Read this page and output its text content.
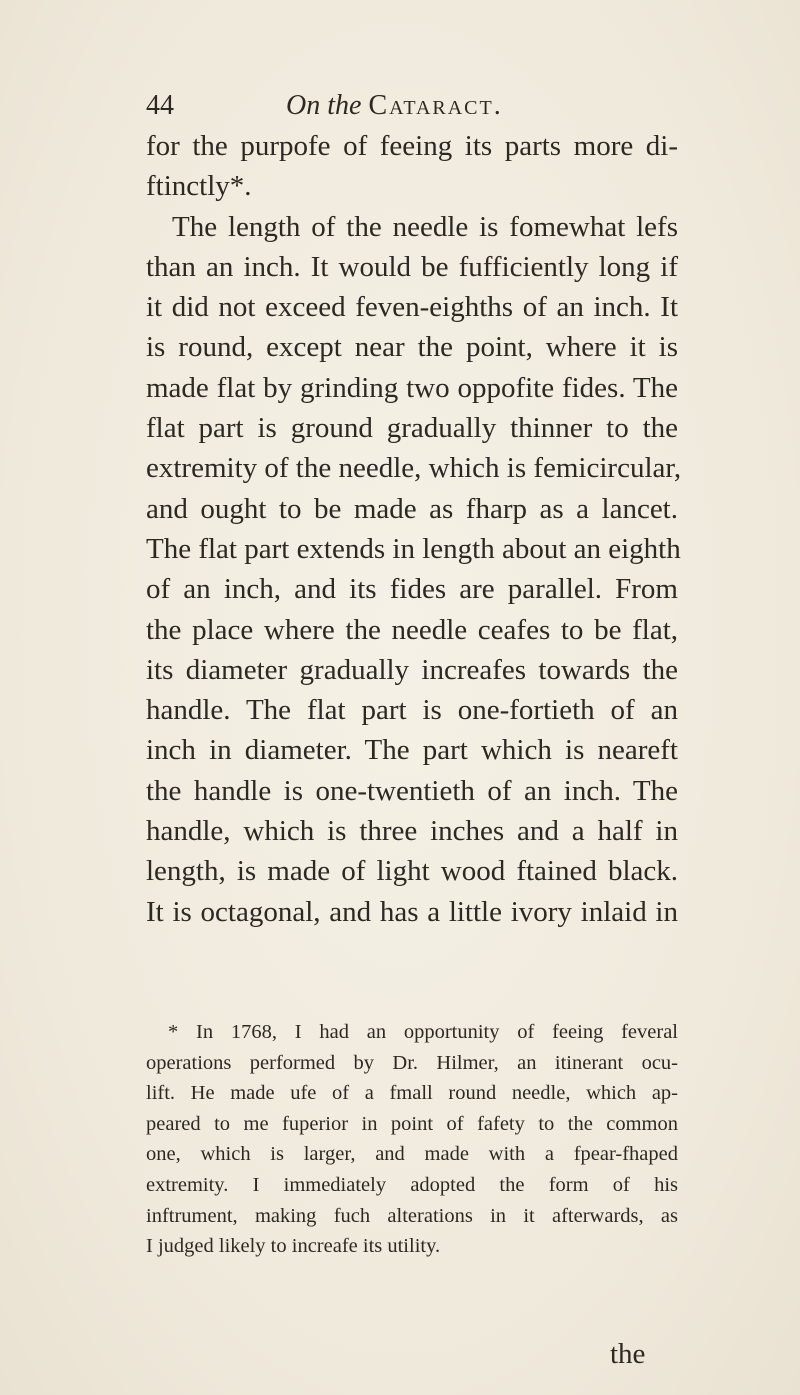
44	On the Cataract.
for the purpofe of feeing its parts more di-
ftinctly*.
The length of the needle is fomewhat lefs
than an inch. It would be fufficiently long if
it did not exceed feven-eighths of an inch. It
is round, except near the point, where it is
made flat by grinding two oppofite fides. The
flat part is ground gradually thinner to the
extremity of the needle, which is femicircular,
and ought to be made as fharp as a lancet.
The flat part extends in length about an eighth
of an inch, and its fides are parallel. From
the place where the needle ceafes to be flat,
its diameter gradually increafes towards the
handle. The flat part is one-fortieth of an
inch in diameter. The part which is neareft
the handle is one-twentieth of an inch. The
handle, which is three inches and a half in
length, is made of light wood ftained black.
It is octagonal, and has a little ivory inlaid in
* In 1768, I had an opportunity of feeing feveral
operations performed by Dr. Hilmer, an itinerant ocu-
lift. He made ufe of a fmall round needle, which ap-
peared to me fuperior in point of fafety to the common
one, which is larger, and made with a fpear-fhaped
extremity. I immediately adopted the form of his
inftrument, making fuch alterations in it afterwards, as
I judged likely to increafe its utility.
the
